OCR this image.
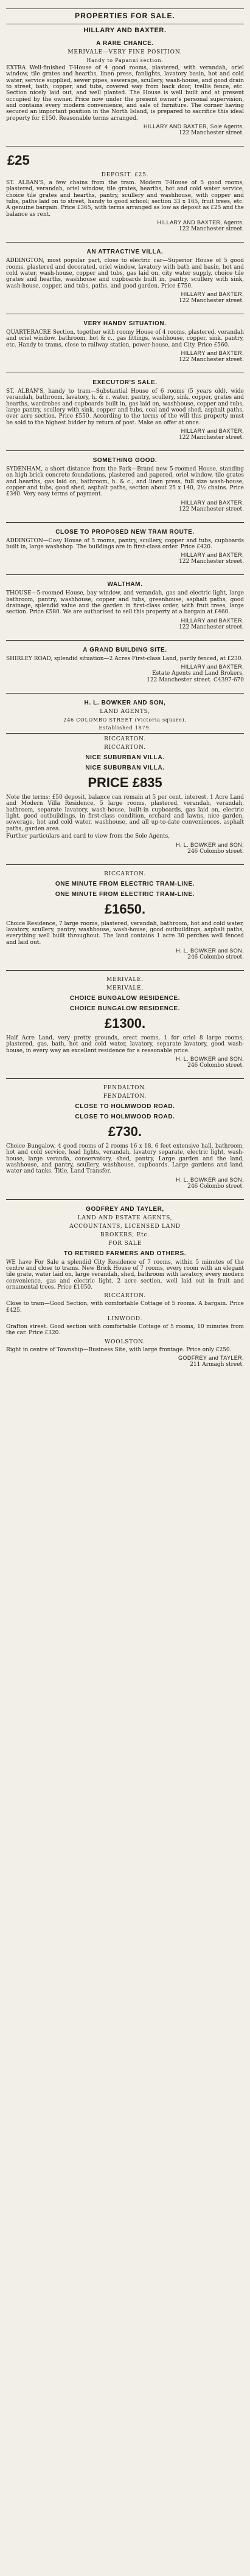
PROPERTIES FOR SALE.
HILLARY AND BAXTER.
A RARE CHANCE.
MERIVALE—VERY FINE POSITION.
Handy to Papanui section.
EXTRA Well-finished T-House of 4 good rooms, plastered, with verandah, oriel window, tile grates and hearths, linen press, fanlights, lavatory basin, hot and cold water, service supplied, sewer pipes, sewerage, scullery, wash-house, and good drain to street, bath, copper, and tubs, covered way from back door, trellis fence, etc. Section nicely laid out, and well planted. The House is well built and at present occupied by the owner. Price now under the present owner's personal supervision, and contains every modern convenience, and sale of furniture. The corner having secured an important position in the North Island, is prepared to sacrifice this ideal property for £150. Reasonable terms arranged.
HILLARY AND BAXTER, Sole Agents,
122 Manchester street.
£25
DEPOSIT. £25.
ST. ALBAN'S, a few chains from the tram. Modern T-House of 5 good rooms, plastered, verandah, oriel window, tile grates, hearths, hot and cold water service, choice tile grates and hearths, pantry, scullery and washhouse, with copper and tubs, paths laid on to street, handy to good school; section 33 x 165, fruit trees, etc. A genuine bargain. Price £365, with terms arranged as low as deposit as £25 and the balance as rent.
HILLARY AND BAXTER, Agents,
122 Manchester street.
AN ATTRACTIVE VILLA.
ADDINGTON, most popular part, close to electric car—Superior House of 5 good rooms, plastered and decorated, oriel window, lavatory with bath and basin, hot and cold water, wash-house, copper and tubs, gas laid on, city water supply, choice tile grates and hearths, washhouse and cupboards built in, pantry, scullery with sink, wash-house, copper, and tubs, paths, and good garden. Price £750.
HILLARY and BAXTER,
122 Manchester street.
VERY HANDY SITUATION.
QUARTERACRE Section, together with roomy House of 4 rooms, plastered, verandah and oriel window, bathroom, hot & c., gas fittings, washhouse, copper, sink, pantry, etc. Handy to trams, close to railway station, power-house, and City. Price £560.
HILLARY and BAXTER,
122 Manchester street.
EXECUTOR'S SALE.
ST. ALBAN'S, handy to tram—Substantial House of 6 rooms (5 years old), wide verandah, bathroom, lavatory, h. & c. water, pantry, scullery, sink, copper, grates and hearths, wardrobes and cupboards built in, gas laid on, washhouse, copper and tubs, large pantry, scullery with sink, copper and tubs, coal and wood shed, asphalt paths, over acre section. Price £550. According to the terms of the will this property must be sold to the highest bidder by return of post. Make an offer at once.
HILLARY and BAXTER,
122 Manchester street.
SOMETHING GOOD.
SYDENHAM, a short distance from the Park—Brand new 5-roomed House, standing on high brick concrete foundations, plastered and papered, oriel window, tile grates and hearths, gas laid on, bathroom, h. & c., and linen press, full size wash-house, copper and tubs, good shed, asphalt paths, section about 25 x 140, 2½ chains. Price £340. Very easy terms of payment.
HILLARY and BAXTER,
122 Manchester street.
CLOSE TO PROPOSED NEW TRAM ROUTE.
ADDINGTON—Cosy House of 5 rooms, pantry, scullery, copper and tubs, cupboards built in, large washshop. The buildings are in first-class order. Price £420.
HILLARY and BAXTER,
122 Manchester street.
WALTHAM.
THOUSE—5-roomed House, bay window, and verandah, gas and electric light, large bathroom, pantry, washhouse, copper and tubs, greenhouse, asphalt paths, good drainage, splendid value and the garden in first-class order, with fruit trees, large section. Price £580. We are authorised to sell this property at a bargain at £460.
HILLARY and BAXTER,
122 Manchester street.
A GRAND BUILDING SITE.
SHIRLEY ROAD, splendid situation—2 Acres First-class Land, partly fenced, at £230.
HILLARY and BAXTER,
Estate Agents and Land Brokers,
122 Manchester street. C4397-670
H. L. BOWKER AND SON,
LAND AGENTS,
246 COLOMBO STREET (Victoria square),
Established 1879.
RICCARTON.
RICCARTON.
NICE SUBURBAN VILLA.
NICE SUBURBAN VILLA.
PRICE £835
Note the terms: £50 deposit, balance can remain at 5 per cent. interest. 1 Acre Land and Modern Villa Residence, 5 large rooms, plastered, verandah, verandah, bathroom, separate lavatory, wash-house, built-in cupboards, gas laid on, electric light, good outbuildings, in first-class condition, orchard and lawns, nice garden, sewerage, hot and cold water, washhouse, and all up-to-date conveniences, asphalt paths, garden area.
Further particulars and card to view from the Sole Agents,
H. L. BOWKER and SON,
246 Colombo street.
RICCARTON.
ONE MINUTE FROM ELECTRIC TRAM-LINE.
ONE MINUTE FROM ELECTRIC TRAM-LINE.
£1650.
Choice Residence, 7 large rooms, plastered, verandah, bathroom, hot and cold water, lavatory, scullery, pantry, washhouse, wash-house, good outbuildings, asphalt paths, everything well built throughout. The land contains 1 acre 30 perches well fenced and laid out.
H. L. BOWKER and SON,
246 Colombo street.
MERIVALE.
MERIVALE.
CHOICE BUNGALOW RESIDENCE.
CHOICE BUNGALOW RESIDENCE.
£1300.
Half Acre Land, very pretty grounds, erect rooms, 1 for oriel 8 large rooms, plastered, gas, bath, hot and cold water, lavatory, separate lavatory, good wash-house, in every way an excellent residence for a reasonable price.
H. L. BOWKER and SON,
246 Colombo street.
FENDALTON.
FENDALTON.
CLOSE TO HOLMWOOD ROAD.
CLOSE TO HOLMWOOD ROAD.
£730.
Choice Bungalow, 4 good rooms of 2 rooms 16 x 18, 6 feet extensive hall, bathroom, hot and cold service, lead lights, verandah, lavatory separate, electric light, wash-house, large veranda, conservatory, shed, pantry, Large garden and the land, washhouse, and pantry, scullery, washhouse, cupboards. Large gardens and land, water and tanks. Title, Land Transfer.
H. L. BOWKER and SON,
246 Colombo street.
GODFREY AND TAYLER,
LAND AND ESTATE AGENTS,
ACCOUNTANTS, LICENSED LAND
BROKERS, Etc.
FOR SALE
TO RETIRED FARMERS AND OTHERS.
WE have For Sale a splendid City Residence of 7 rooms, within 5 minutes of the centre and close to trams. New Brick House of 7 rooms, every room with an elegant tile grate, water laid on, large verandah, shed, bathroom with lavatory, every modern convenience, gas and electric light, 2 acre section, well laid out in fruit and ornamental trees. Price £1050.
RICCARTON.
Close to tram—Good Section, with comfortable Cottage of 5 rooms. A bargain. Price £425.
LINWOOD.
Grafton street. Good section with comfortable Cottage of 5 rooms, 10 minutes from the car. Price £320.
WOOLSTON.
Right in centre of Township—Business Site, with large frontage. Price only £250.
GODFREY and TAYLER,
211 Armagh street.
